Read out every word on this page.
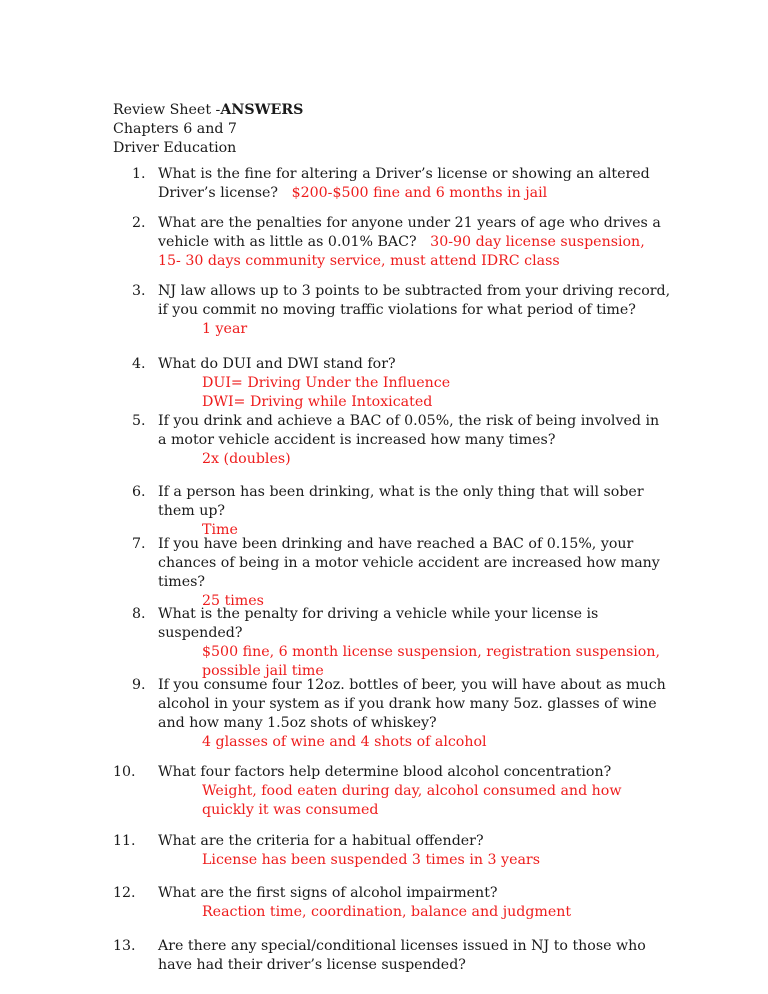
Review Sheet -ANSWERS
Chapters 6 and 7
Driver Education
1. What is the fine for altering a Driver’s license or showing an altered Driver’s license? $200-$500 fine and 6 months in jail
2. What are the penalties for anyone under 21 years of age who drives a vehicle with as little as 0.01% BAC? 30-90 day license suspension, 15- 30 days community service, must attend IDRC class
3. NJ law allows up to 3 points to be subtracted from your driving record, if you commit no moving traffic violations for what period of time?
1 year
4. What do DUI and DWI stand for?
DUI= Driving Under the Influence
DWI= Driving while Intoxicated
5. If you drink and achieve a BAC of 0.05%, the risk of being involved in a motor vehicle accident is increased how many times?
2x (doubles)
6. If a person has been drinking, what is the only thing that will sober them up?
Time
7. If you have been drinking and have reached a BAC of 0.15%, your chances of being in a motor vehicle accident are increased how many times?
25 times
8. What is the penalty for driving a vehicle while your license is suspended?
$500 fine, 6 month license suspension, registration suspension, possible jail time
9. If you consume four 12oz. bottles of beer, you will have about as much alcohol in your system as if you drank how many 5oz. glasses of wine and how many 1.5oz shots of whiskey?
4 glasses of wine and 4 shots of alcohol
10. What four factors help determine blood alcohol concentration?
Weight, food eaten during day, alcohol consumed and how quickly it was consumed
11. What are the criteria for a habitual offender?
License has been suspended 3 times in 3 years
12. What are the first signs of alcohol impairment?
Reaction time, coordination, balance and judgment
13. Are there any special/conditional licenses issued in NJ to those who have had their driver’s license suspended?
